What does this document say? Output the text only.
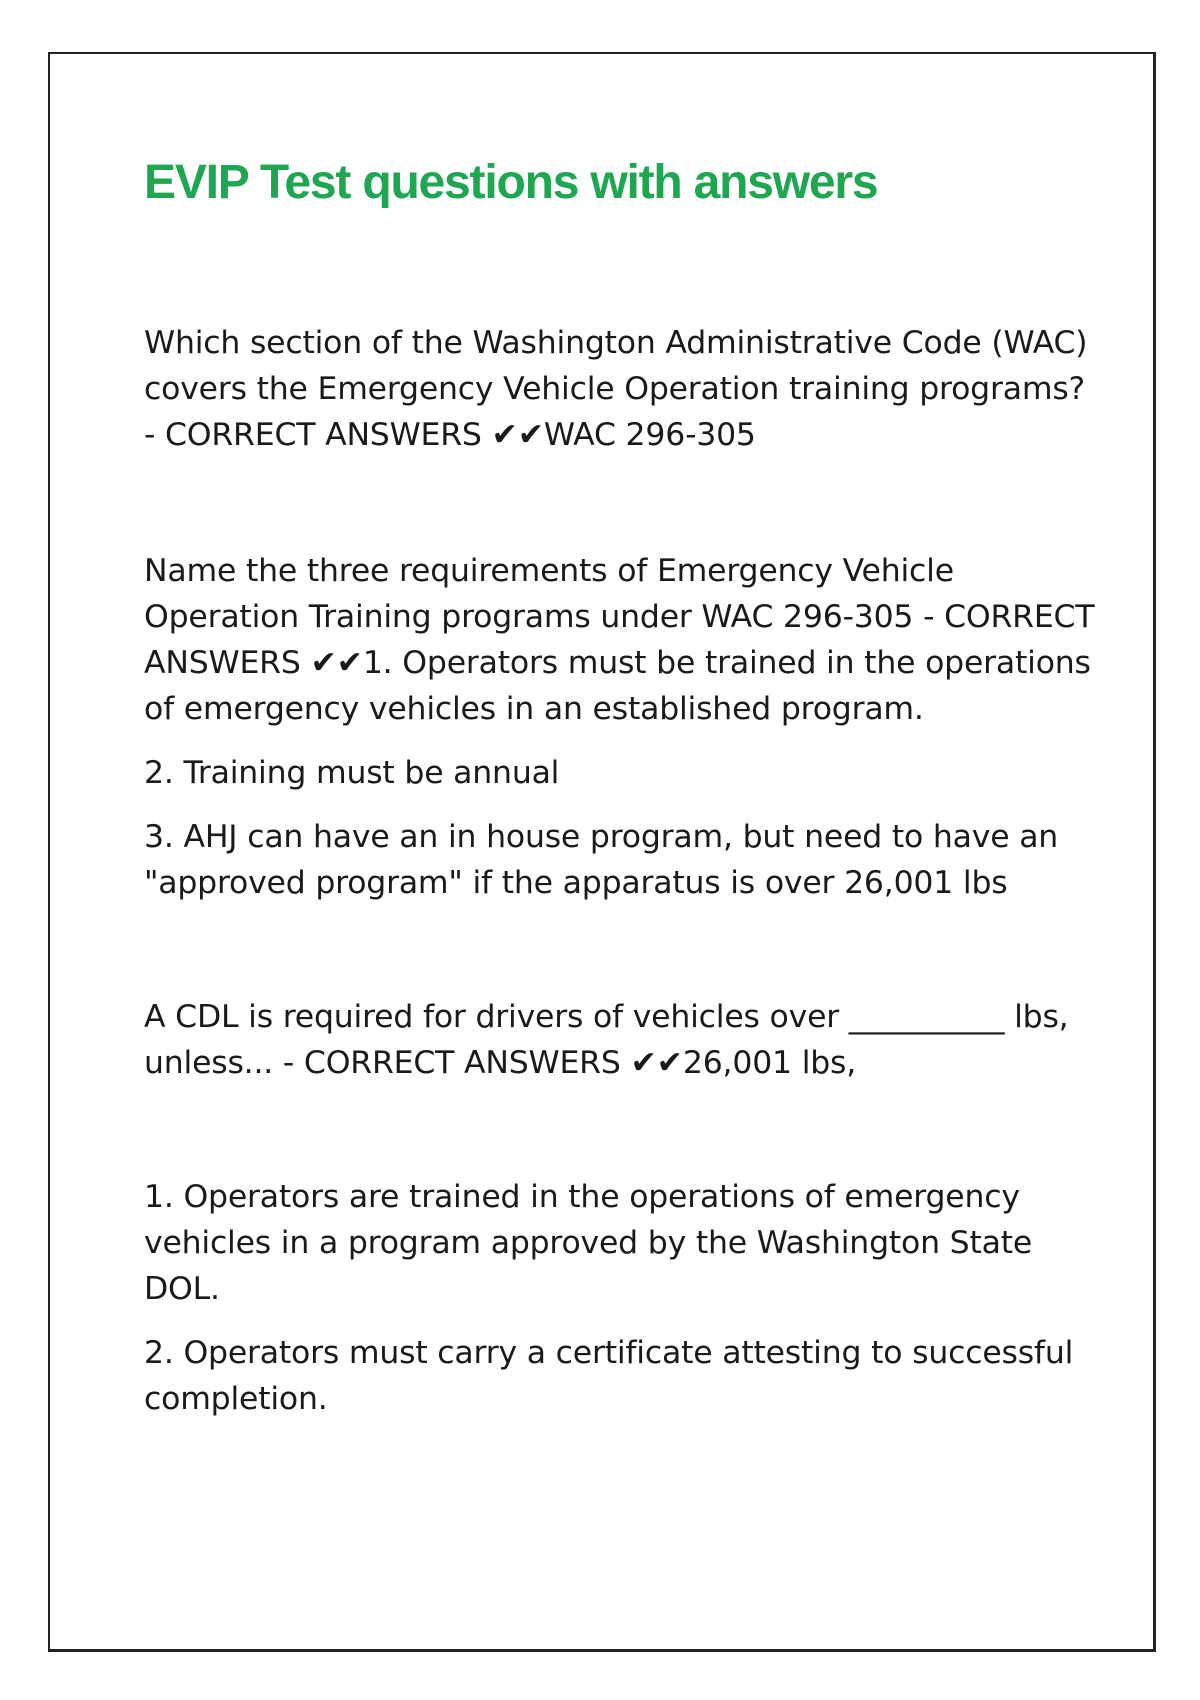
EVIP Test questions with answers

Which section of the Washington Administrative Code (WAC) covers the Emergency Vehicle Operation training programs? - CORRECT ANSWERS ✔✔WAC 296-305

Name the three requirements of Emergency Vehicle Operation Training programs under WAC 296-305 - CORRECT ANSWERS ✔✔1. Operators must be trained in the operations of emergency vehicles in an established program.

2. Training must be annual

3. AHJ can have an in house program, but need to have an "approved program" if the apparatus is over 26,001 lbs

A CDL is required for drivers of vehicles over __________ lbs, unless... - CORRECT ANSWERS ✔✔26,001 lbs,

1. Operators are trained in the operations of emergency vehicles in a program approved by the Washington State DOL.

2. Operators must carry a certificate attesting to successful completion.
